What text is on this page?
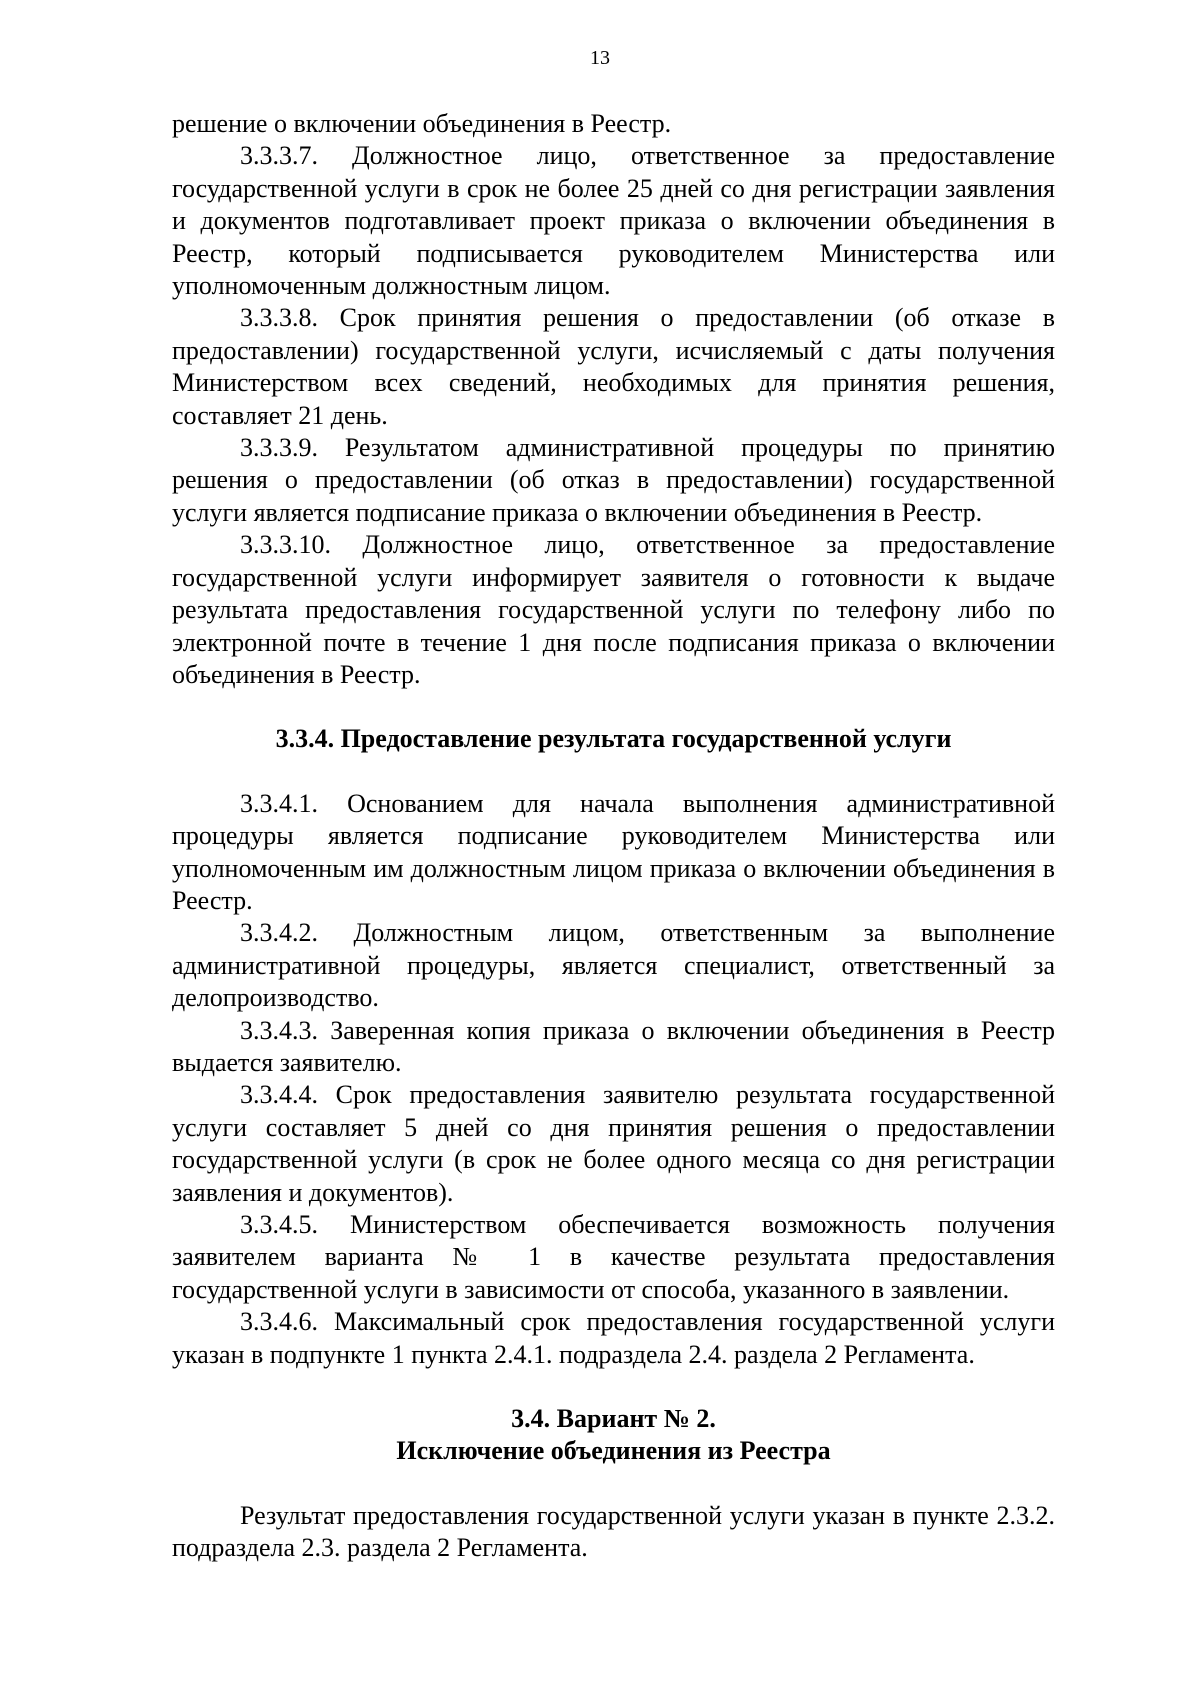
13

решение о включении объединения в Реестр.

3.3.3.7. Должностное лицо, ответственное за предоставление государственной услуги в срок не более 25 дней со дня регистрации заявления и документов подготавливает проект приказа о включении объединения в Реестр, который подписывается руководителем Министерства или уполномоченным должностным лицом.

3.3.3.8. Срок принятия решения о предоставлении (об отказе в предоставлении) государственной услуги, исчисляемый с даты получения Министерством всех сведений, необходимых для принятия решения, составляет 21 день.

3.3.3.9. Результатом административной процедуры по принятию решения о предоставлении (об отказ в предоставлении) государственной услуги является подписание приказа о включении объединения в Реестр.

3.3.3.10. Должностное лицо, ответственное за предоставление государственной услуги информирует заявителя о готовности к выдаче результата предоставления государственной услуги по телефону либо по электронной почте в течение 1 дня после подписания приказа о включении объединения в Реестр.

3.3.4. Предоставление результата государственной услуги

3.3.4.1. Основанием для начала выполнения административной процедуры является подписание руководителем Министерства или уполномоченным им должностным лицом приказа о включении объединения в Реестр.

3.3.4.2. Должностным лицом, ответственным за выполнение административной процедуры, является специалист, ответственный за делопроизводство.

3.3.4.3. Заверенная копия приказа о включении объединения в Реестр выдается заявителю.

3.3.4.4. Срок предоставления заявителю результата государственной услуги составляет 5 дней со дня принятия решения о предоставлении государственной услуги (в срок не более одного месяца со дня регистрации заявления и документов).

3.3.4.5. Министерством обеспечивается возможность получения заявителем варианта № 1 в качестве результата предоставления государственной услуги в зависимости от способа, указанного в заявлении.

3.3.4.6. Максимальный срок предоставления государственной услуги указан в подпункте 1 пункта 2.4.1. подраздела 2.4. раздела 2 Регламента.

3.4. Вариант № 2.
Исключение объединения из Реестра

Результат предоставления государственной услуги указан в пункте 2.3.2. подраздела 2.3. раздела 2 Регламента.
